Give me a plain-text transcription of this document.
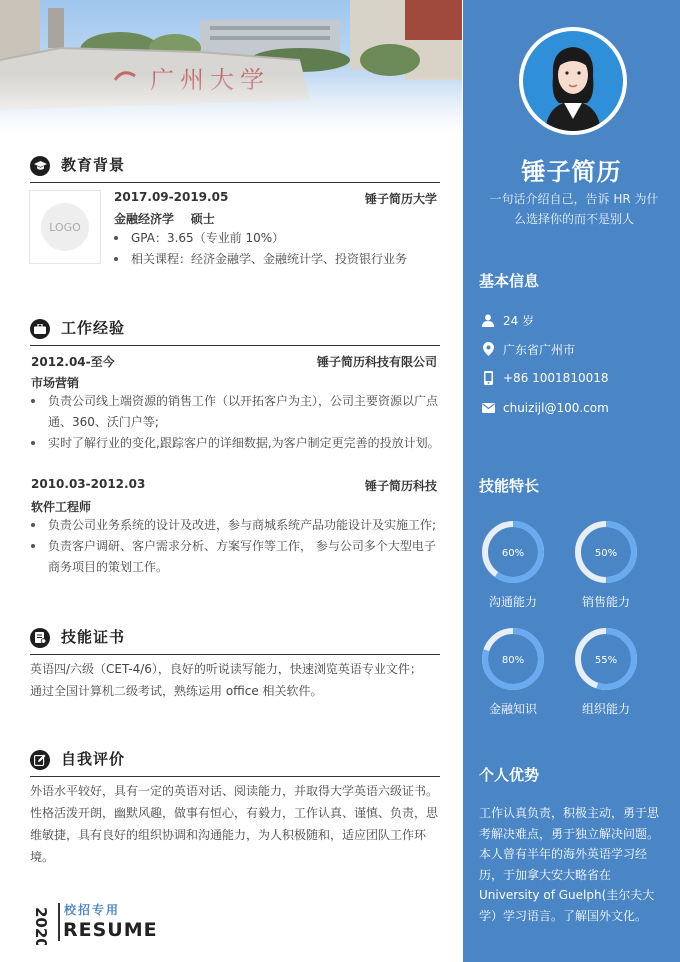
锤子简历
一句话介绍自己，告诉 HR 为什么选择你的而不是别人
基本信息
24 岁
广东省广州市
+86 1001810018
chuizijl@100.com
技能特长
60%
沟通能力
50%
销售能力
80%
金融知识
55%
组织能力
个人优势
工作认真负责，积极主动，勇于思考解决难点，勇于独立解决问题。本人曾有半年的海外英语学习经历，于加拿大安大略省在University of Guelph(圭尔夫大学）学习语言。了解国外文化。
教育背景
LOGO
2017.09-2019.05	锤子简历大学
金融经济学    硕士
GPA：3.65（专业前 10%）
相关课程：经济金融学、金融统计学、投资银行业务
工作经验
2012.04-至今	锤子简历科技有限公司
市场营销
负责公司线上端资源的销售工作（以开拓客户为主），公司主要资源以广点通、360、沃门户等;
实时了解行业的变化,跟踪客户的详细数据,为客户制定更完善的投放计划。
2010.03-2012.03	锤子简历科技
软件工程师
负责公司业务系统的设计及改进，参与商城系统产品功能设计及实施工作;
负责客户调研、客户需求分析、方案写作等工作， 参与公司多个大型电子商务项目的策划工作。
技能证书
英语四/六级（CET-4/6），良好的听说读写能力，快速浏览英语专业文件；
通过全国计算机二级考试，熟练运用 office 相关软件。
自我评价
外语水平较好，具有一定的英语对话、阅读能力，并取得大学英语六级证书。
性格活泼开朗，幽默风趣，做事有恒心，有毅力，工作认真、谨慎、负责，思
维敏捷，具有良好的组织协调和沟通能力，为人积极随和，适应团队工作环境。
2020 校招专用
RESUME
